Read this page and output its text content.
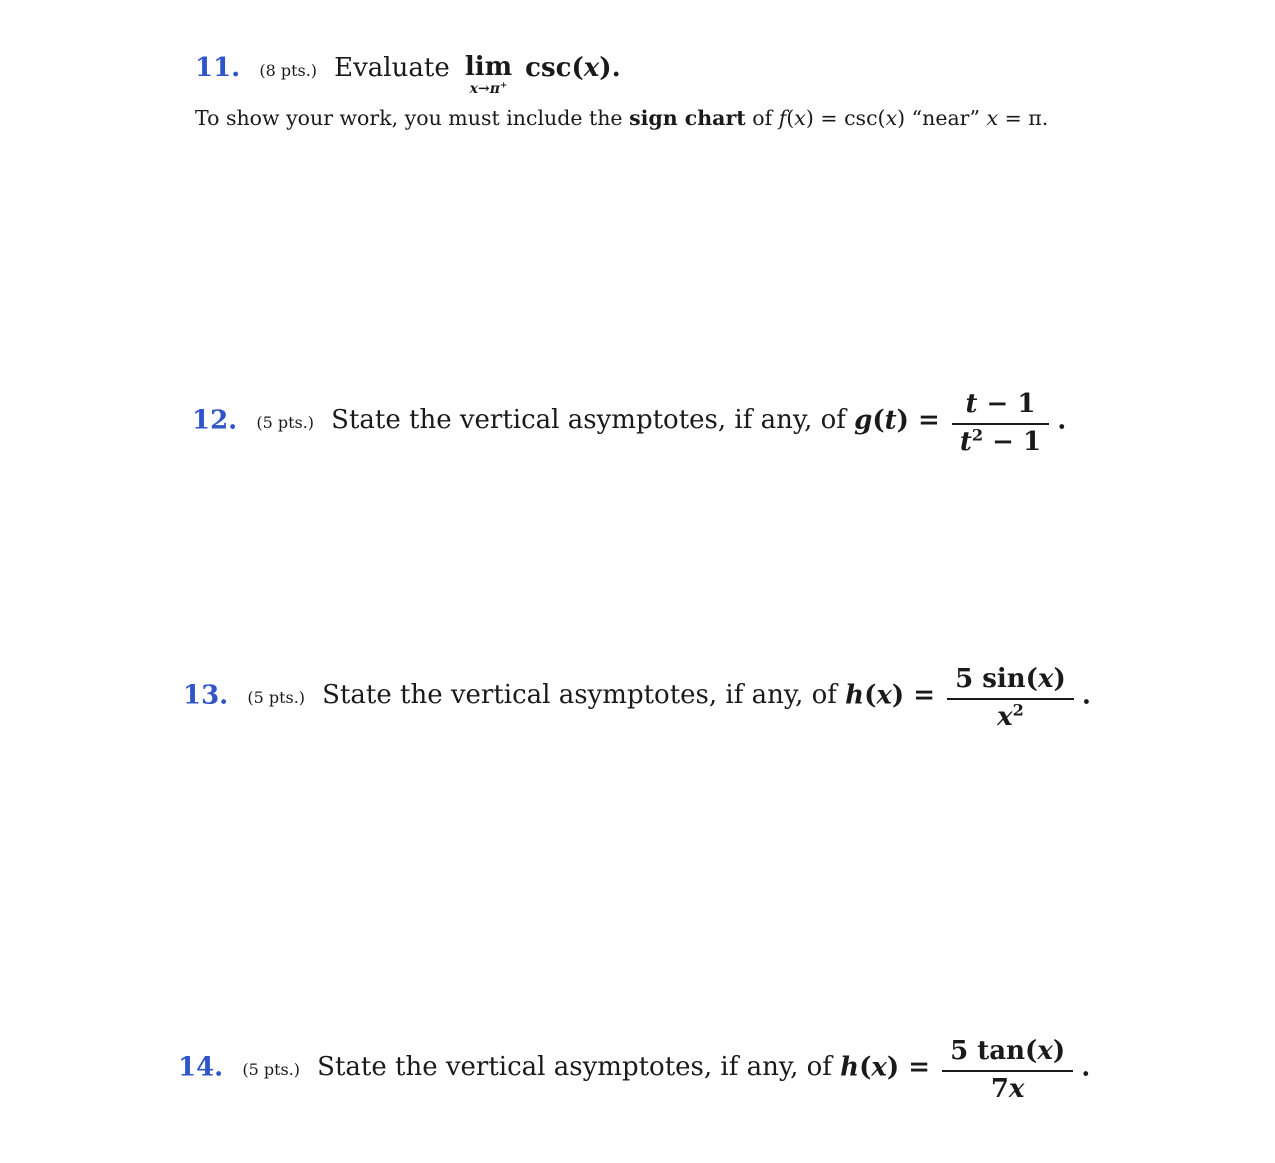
11. (8 pts.) Evaluate lim
x→π+
csc(x).
To show your work, you must include the sign chart of f(x) = csc(x) “near” x = π.
12. (5 pts.) State the vertical asymptotes, if any, of $g(t) = \frac{t - 1}{t^2 - 1}$ .
13. (5 pts.) State the vertical asymptotes, if any, of $h(x) = \frac{5 \sin(x)}{x^2}$ .
14. (5 pts.) State the vertical asymptotes, if any, of $h(x) = \frac{5 \tan(x)}{7x}$ .
